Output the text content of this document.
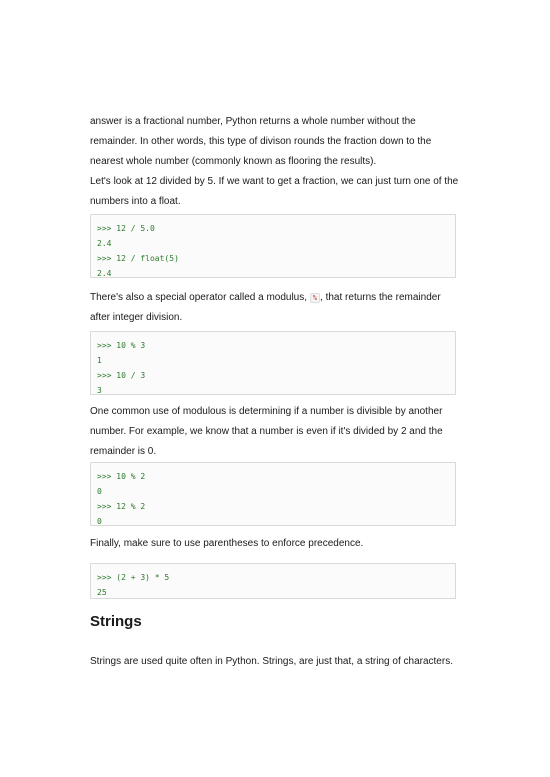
answer is a fractional number, Python returns a whole number without the remainder. In other words, this type of divison rounds the fraction down to the nearest whole number (commonly known as flooring the results).

Let's look at 12 divided by 5. If we want to get a fraction, we can just turn one of the numbers into a float.

>>> 12 / 5.0
2.4
>>> 12 / float(5)
2.4

There's also a special operator called a modulus, % , that returns the remainder after integer division.

>>> 10 % 3
1
>>> 10 / 3
3

One common use of modulous is determining if a number is divisible by another number. For example, we know that a number is even if it's divided by 2 and the remainder is 0.

>>> 10 % 2
0
>>> 12 % 2
0

Finally, make sure to use parentheses to enforce precedence.

>>> (2 + 3) * 5
25
Strings

Strings are used quite often in Python. Strings, are just that, a string of characters.
